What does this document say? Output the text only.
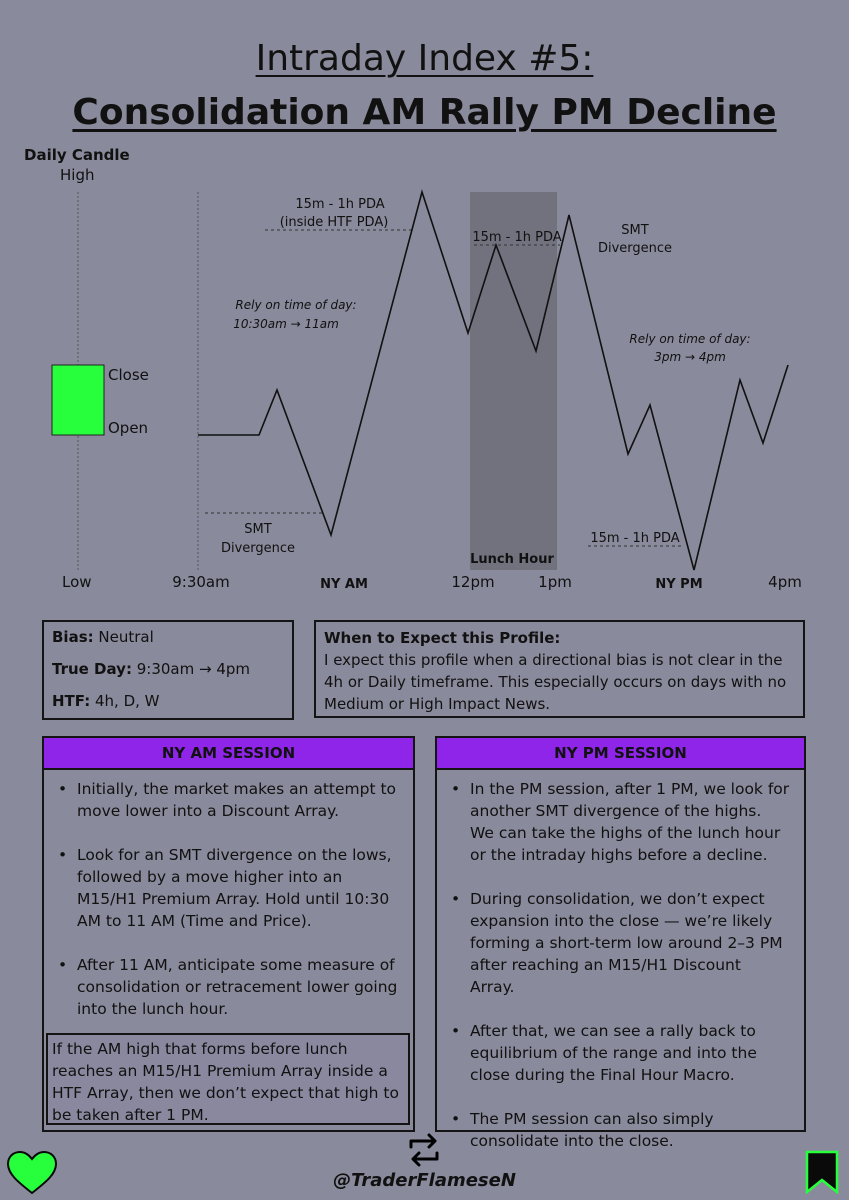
Intraday Index #5:
Consolidation AM Rally PM Decline
Daily Candle
High
Close
Open
Low	9:30am	NY AM	12pm	1pm	NY PM	4pm
Lunch Hour
15m - 1h PDA
(inside HTF PDA)
15m - 1h PDA	SMT
Divergence
Rely on time of day:
10:30am → 11am
Rely on time of day:
3pm → 4pm
SMT
Divergence
15m - 1h PDA
Bias: Neutral
True Day: 9:30am → 4pm
HTF: 4h, D, W
When to Expect this Profile:
I expect this profile when a directional bias is not clear in the 4h or Daily timeframe. This especially occurs on days with no Medium or High Impact News.
NY AM SESSION
• Initially, the market makes an attempt to move lower into a Discount Array.
• Look for an SMT divergence on the lows, followed by a move higher into an M15/H1 Premium Array. Hold until 10:30 AM to 11 AM (Time and Price).
• After 11 AM, anticipate some measure of consolidation or retracement lower going into the lunch hour.
If the AM high that forms before lunch reaches an M15/H1 Premium Array inside a HTF Array, then we don’t expect that high to be taken after 1 PM.
NY PM SESSION
• In the PM session, after 1 PM, we look for another SMT divergence of the highs. We can take the highs of the lunch hour or the intraday highs before a decline.
• During consolidation, we don’t expect expansion into the close — we’re likely forming a short-term low around 2–3 PM after reaching an M15/H1 Discount Array.
• After that, we can see a rally back to equilibrium of the range and into the close during the Final Hour Macro.
• The PM session can also simply consolidate into the close.
@TraderFlameseN
